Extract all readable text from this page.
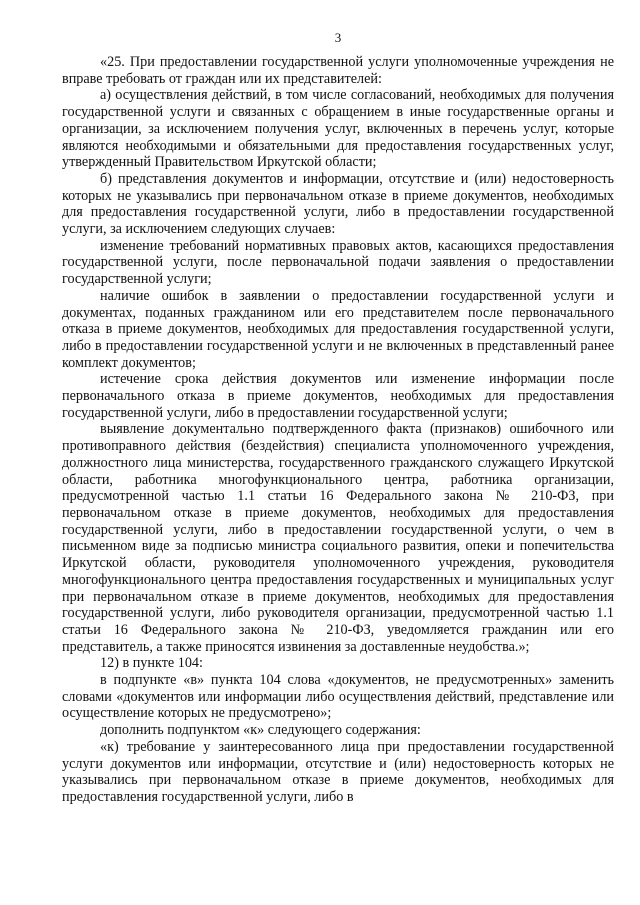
3

«25. При предоставлении государственной услуги уполномоченные учреждения не вправе требовать от граждан или их представителей:

а) осуществления действий, в том числе согласований, необходимых для получения государственной услуги и связанных с обращением в иные государственные органы и организации, за исключением получения услуг, включенных в перечень услуг, которые являются необходимыми и обязательными для предоставления государственных услуг, утвержденный Правительством Иркутской области;

б) представления документов и информации, отсутствие и (или) недостоверность которых не указывались при первоначальном отказе в приеме документов, необходимых для предоставления государственной услуги, либо в предоставлении государственной услуги, за исключением следующих случаев:

изменение требований нормативных правовых актов, касающихся предоставления государственной услуги, после первоначальной подачи заявления о предоставлении государственной услуги;

наличие ошибок в заявлении о предоставлении государственной услуги и документах, поданных гражданином или его представителем после первоначального отказа в приеме документов, необходимых для предоставления государственной услуги, либо в предоставлении государственной услуги и не включенных в представленный ранее комплект документов;

истечение срока действия документов или изменение информации после первоначального отказа в приеме документов, необходимых для предоставления государственной услуги, либо в предоставлении государственной услуги;

выявление документально подтвержденного факта (признаков) ошибочного или противоправного действия (бездействия) специалиста уполномоченного учреждения, должностного лица министерства, государственного гражданского служащего Иркутской области, работника многофункционального центра, работника организации, предусмотренной частью 1.1 статьи 16 Федерального закона № 210-ФЗ, при первоначальном отказе в приеме документов, необходимых для предоставления государственной услуги, либо в предоставлении государственной услуги, о чем в письменном виде за подписью министра социального развития, опеки и попечительства Иркутской области, руководителя уполномоченного учреждения, руководителя многофункционального центра предоставления государственных и муниципальных услуг при первоначальном отказе в приеме документов, необходимых для предоставления государственной услуги, либо руководителя организации, предусмотренной частью 1.1 статьи 16 Федерального закона № 210-ФЗ, уведомляется гражданин или его представитель, а также приносятся извинения за доставленные неудобства.»;

12) в пункте 104:

в подпункте «в» пункта 104 слова «документов, не предусмотренных» заменить словами «документов или информации либо осуществления действий, представление или осуществление которых не предусмотрено»;

дополнить подпунктом «к» следующего содержания:

«к) требование у заинтересованного лица при предоставлении государственной услуги документов или информации, отсутствие и (или) недостоверность которых не указывались при первоначальном отказе в приеме документов, необходимых для предоставления государственной услуги, либо в
